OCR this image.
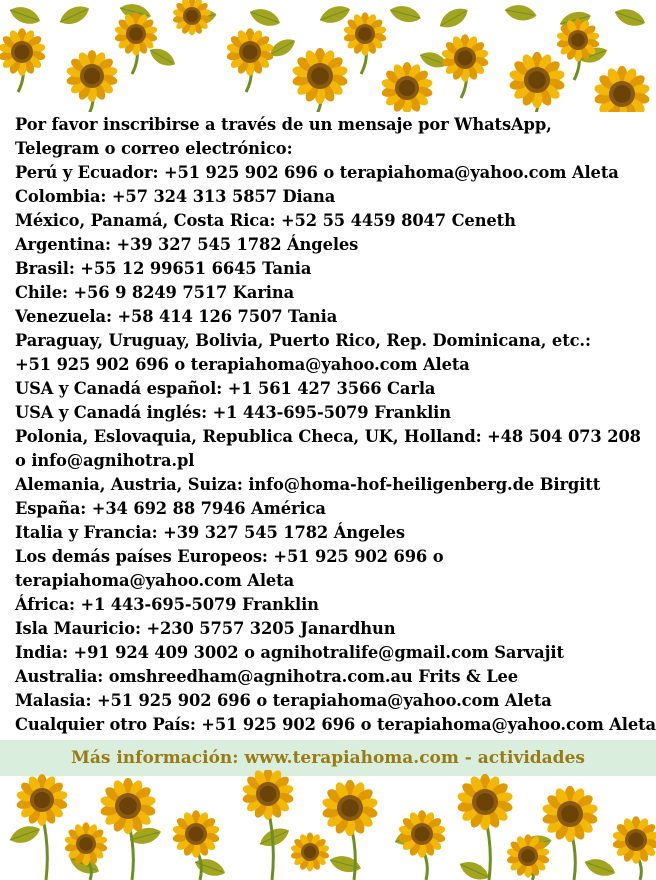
Por favor inscribirse a través de un mensaje por WhatsApp,
Telegram o correo electrónico:
Perú y Ecuador: +51 925 902 696 o terapiahoma@yahoo.com Aleta
Colombia: +57 324 313 5857 Diana
México, Panamá, Costa Rica: +52 55 4459 8047 Ceneth
Argentina: +39 327 545 1782 Ángeles
Brasil: +55 12 99651 6645 Tania
Chile: +56 9 8249 7517 Karina
Venezuela: +58 414 126 7507 Tania
Paraguay, Uruguay, Bolivia, Puerto Rico, Rep. Dominicana, etc.:
+51 925 902 696 o terapiahoma@yahoo.com Aleta
USA y Canadá español: +1 561 427 3566 Carla
USA y Canadá inglés: +1 443-695-5079 Franklin
Polonia, Eslovaquia, Republica Checa, UK, Holland: +48 504 073 208
o info@agnihotra.pl
Alemania, Austria, Suiza: info@homa-hof-heiligenberg.de Birgitt
España: +34 692 88 7946 América
Italia y Francia: +39 327 545 1782 Ángeles
Los demás países Europeos: +51 925 902 696 o
terapiahoma@yahoo.com Aleta
África: +1 443-695-5079 Franklin
Isla Mauricio: +230 5757 3205 Janardhun
India: +91 924 409 3002 o agnihotralife@gmail.com Sarvajit
Australia: omshreedham@agnihotra.com.au Frits & Lee
Malasia: +51 925 902 696 o terapiahoma@yahoo.com Aleta
Cualquier otro País: +51 925 902 696 o terapiahoma@yahoo.com Aleta
Más información: www.terapiahoma.com - actividades
